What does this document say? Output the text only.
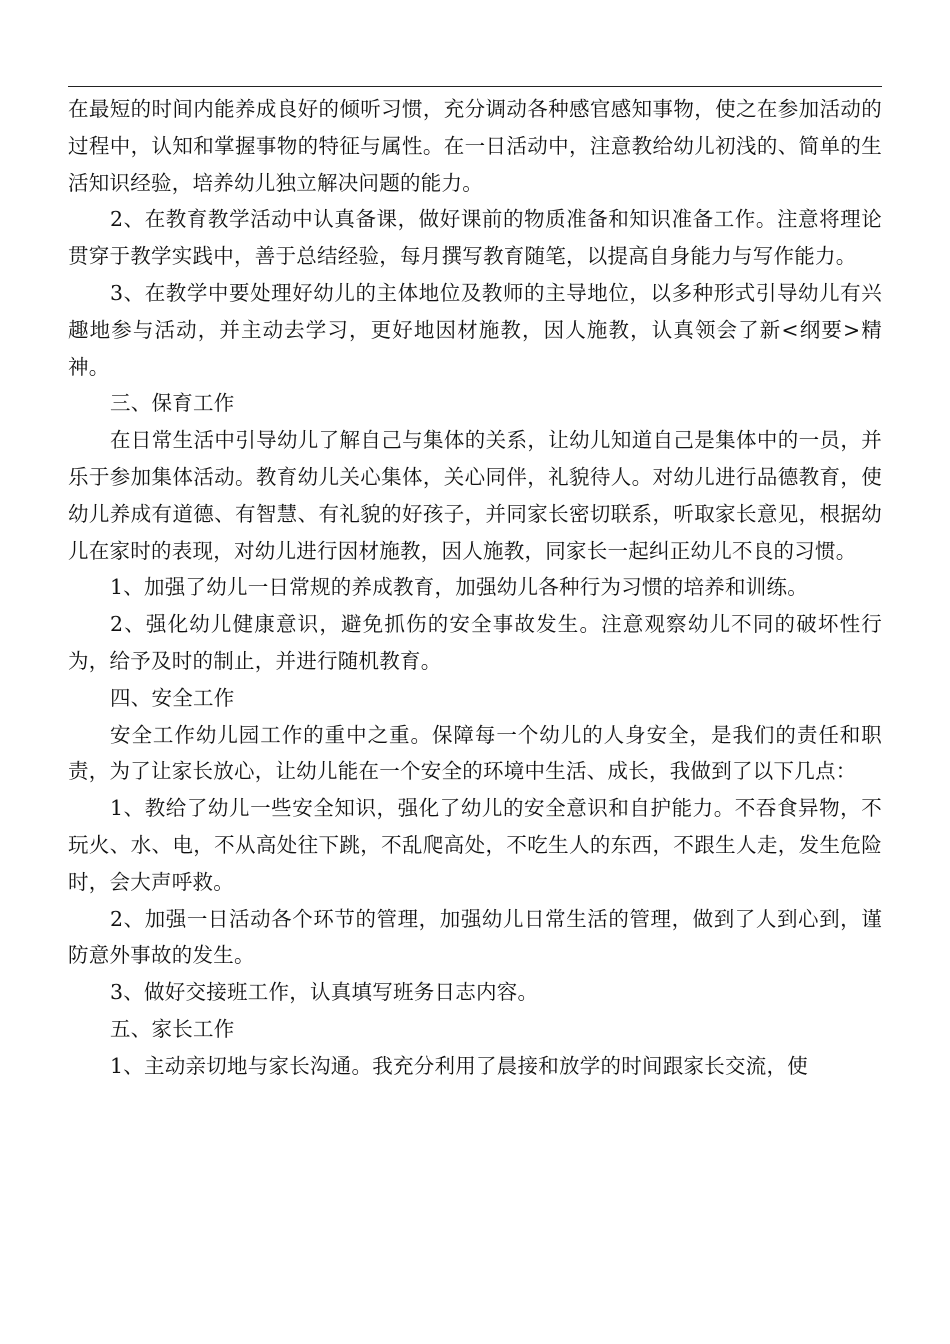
在最短的时间内能养成良好的倾听习惯，充分调动各种感官感知事物，使之在参加活动的过程中，认知和掌握事物的特征与属性。在一日活动中，注意教给幼儿初浅的、简单的生活知识经验，培养幼儿独立解决问题的能力。

2、在教育教学活动中认真备课，做好课前的物质准备和知识准备工作。注意将理论贯穿于教学实践中，善于总结经验，每月撰写教育随笔，以提高自身能力与写作能力。

3、在教学中要处理好幼儿的主体地位及教师的主导地位，以多种形式引导幼儿有兴趣地参与活动，并主动去学习，更好地因材施教，因人施教，认真领会了新<纲要>精神。

三、保育工作

在日常生活中引导幼儿了解自己与集体的关系，让幼儿知道自己是集体中的一员，并乐于参加集体活动。教育幼儿关心集体，关心同伴，礼貌待人。对幼儿进行品德教育，使幼儿养成有道德、有智慧、有礼貌的好孩子，并同家长密切联系，听取家长意见，根据幼儿在家时的表现，对幼儿进行因材施教，因人施教，同家长一起纠正幼儿不良的习惯。

1、加强了幼儿一日常规的养成教育，加强幼儿各种行为习惯的培养和训练。

2、强化幼儿健康意识，避免抓伤的安全事故发生。注意观察幼儿不同的破坏性行为，给予及时的制止，并进行随机教育。

四、安全工作

安全工作幼儿园工作的重中之重。保障每一个幼儿的人身安全，是我们的责任和职责，为了让家长放心，让幼儿能在一个安全的环境中生活、成长，我做到了以下几点：

1、教给了幼儿一些安全知识，强化了幼儿的安全意识和自护能力。不吞食异物，不玩火、水、电，不从高处往下跳，不乱爬高处，不吃生人的东西，不跟生人走，发生危险时，会大声呼救。

2、加强一日活动各个环节的管理，加强幼儿日常生活的管理，做到了人到心到，谨防意外事故的发生。

3、做好交接班工作，认真填写班务日志内容。

五、家长工作

1、主动亲切地与家长沟通。我充分利用了晨接和放学的时间跟家长交流，使
